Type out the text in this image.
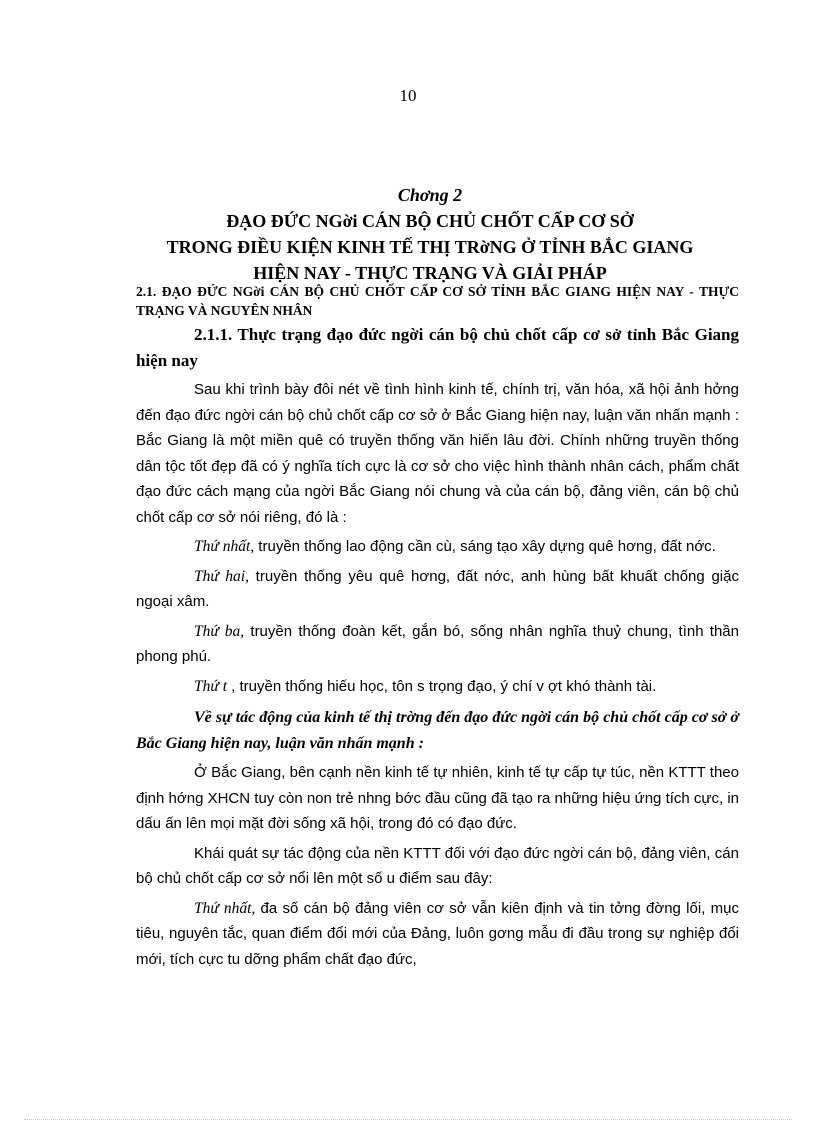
10
Chơng 2
ĐẠO ĐỨC NGời CÁN BỘ CHỦ CHỐT CẤP CƠ SỞ
TRONG ĐIỀU KIỆN KINH TẾ THỊ TRờNG Ở TỈNH BẮC GIANG
HIỆN NAY - THỰC TRẠNG VÀ GIẢI PHÁP

2.1. ĐẠO ĐỨC NGời CÁN BỘ CHỦ CHỐT CẤP CƠ SỞ TỈNH BẮC GIANG HIỆN NAY - THỰC TRẠNG VÀ NGUYÊN NHÂN

2.1.1. Thực trạng đạo đức ngời cán bộ chủ chốt cấp cơ sở tỉnh Bắc Giang hiện nay

Sau khi trình bày đôi nét về tình hình kinh tế, chính trị, văn hóa, xã hội ảnh hởng đến đạo đức ngời cán bộ chủ chốt cấp cơ sở ở Bắc Giang hiện nay, luận văn nhấn mạnh : Bắc Giang là một miền quê có truyền thống văn hiến lâu đời. Chính những truyền thống dân tộc tốt đẹp đã có ý nghĩa tích cực là cơ sở cho việc hình thành nhân cách, phẩm chất đạo đức cách mạng của ngời Bắc Giang nói chung và của cán bộ, đảng viên, cán bộ chủ chốt cấp cơ sở nói riêng, đó là :

Thứ nhất, truyền thống lao động cần cù, sáng tạo xây dựng quê hơng, đất nớc.

Thứ hai, truyền thống yêu quê hơng, đất nớc, anh hùng bất khuất chống giặc ngoại xâm.

Thứ ba, truyền thống đoàn kết, gắn bó, sống nhân nghĩa thuỷ chung, tình thần phong phú.

Thứ t , truyền thống hiếu học, tôn s trọng đạo, ý chí v ợt khó thành tài.

Về sự tác động của kinh tế thị trờng đến đạo đức ngời cán bộ chủ chốt cấp cơ sở ở Bắc Giang hiện nay, luận văn nhấn mạnh :

Ở Bắc Giang, bên cạnh nền kinh tế tự nhiên, kinh tế tự cấp tự túc, nền KTTT theo định hớng XHCN tuy còn non trẻ nhng bớc đầu cũng đã tạo ra những hiệu ứng tích cực, in dấu ấn lên mọi mặt đời sống xã hội, trong đó có đạo đức.

Khái quát sự tác động của nền KTTT đối với đạo đức ngời cán bộ, đảng viên, cán bộ chủ chốt cấp cơ sở nổi lên một số u điểm sau đây:

Thứ nhất, đa số cán bộ đảng viên cơ sở vẫn kiên định và tin tởng đờng lối, mục tiêu, nguyên tắc, quan điểm đổi mới của Đảng, luôn gơng mẫu đi đầu trong sự nghiệp đổi mới, tích cực tu dỡng phẩm chất đạo đức,
